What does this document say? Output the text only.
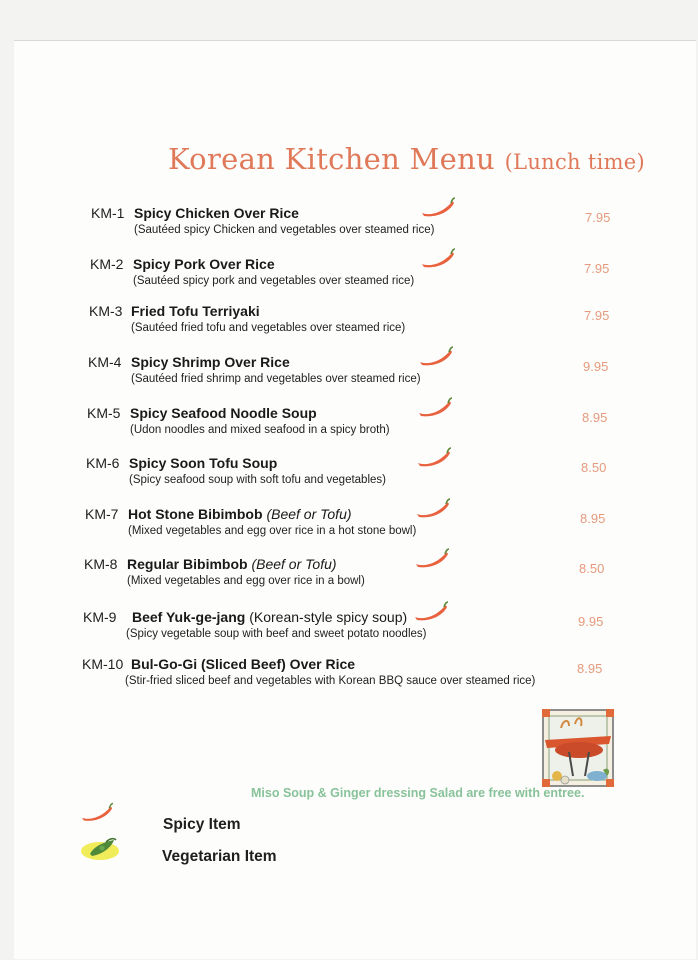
Korean Kitchen Menu (Lunch time)
KM-1 Spicy Chicken Over Rice
(Sautéed spicy Chicken and vegetables over steamed rice)
7.95
KM-2 Spicy Pork Over Rice
(Sautéed spicy pork and vegetables over steamed rice)
7.95
KM-3 Fried Tofu Terriyaki
(Sautéed fried tofu and vegetables over steamed rice)
7.95
KM-4 Spicy Shrimp Over Rice
(Sautéed fried shrimp and vegetables over steamed rice)
9.95
KM-5 Spicy Seafood Noodle Soup
(Udon noodles and mixed seafood in a spicy broth)
8.95
KM-6 Spicy Soon Tofu Soup
(Spicy seafood soup with soft tofu and vegetables)
8.50
KM-7 Hot Stone Bibimbob (Beef or Tofu)
(Mixed vegetables and egg over rice in a hot stone bowl)
8.95
KM-8 Regular Bibimbob (Beef or Tofu)
(Mixed vegetables and egg over rice in a bowl)
8.50
KM-9 Beef Yuk-ge-jang (Korean-style spicy soup)
(Spicy vegetable soup with beef and sweet potato noodles)
9.95
KM-10 Bul-Go-Gi (Sliced Beef) Over Rice
(Stir-fried sliced beef and vegetables with Korean BBQ sauce over steamed rice)
8.95
Miso Soup & Ginger dressing Salad are free with entree.
Spicy Item
Vegetarian Item
